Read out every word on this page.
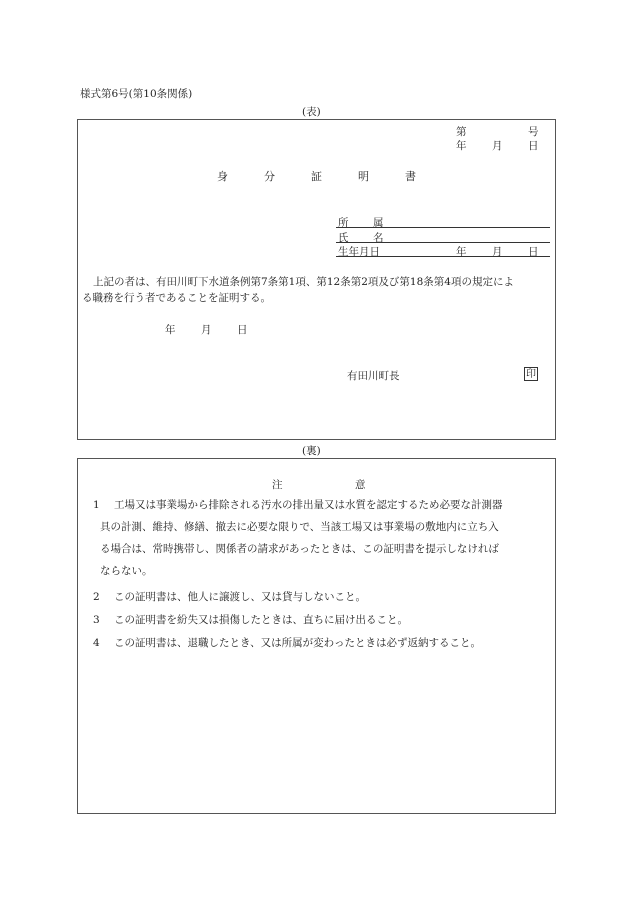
様式第6号(第10条関係)
(表)
第	号
年 月 日
身	分	証	明	書
所 属
氏 名
生年月日	年 月 日
上記の者は、有田川町下水道条例第7条第1項、第12条第2項及び第18条第4項の規定によ
る職務を行う者であることを証明する。
年 月 日
有田川町長	印
(裏)
注	意
1	工場又は事業場から排除される汚水の排出量又は水質を認定するため必要な計測器
具の計測、維持、修繕、撤去に必要な限りで、当該工場又は事業場の敷地内に立ち入
る場合は、常時携帯し、関係者の請求があったときは、この証明書を提示しなければ
ならない。
2 この証明書は、他人に譲渡し、又は貸与しないこと。
3 この証明書を紛失又は損傷したときは、直ちに届け出ること。
4 この証明書は、退職したとき、又は所属が変わったときは必ず返納すること。
